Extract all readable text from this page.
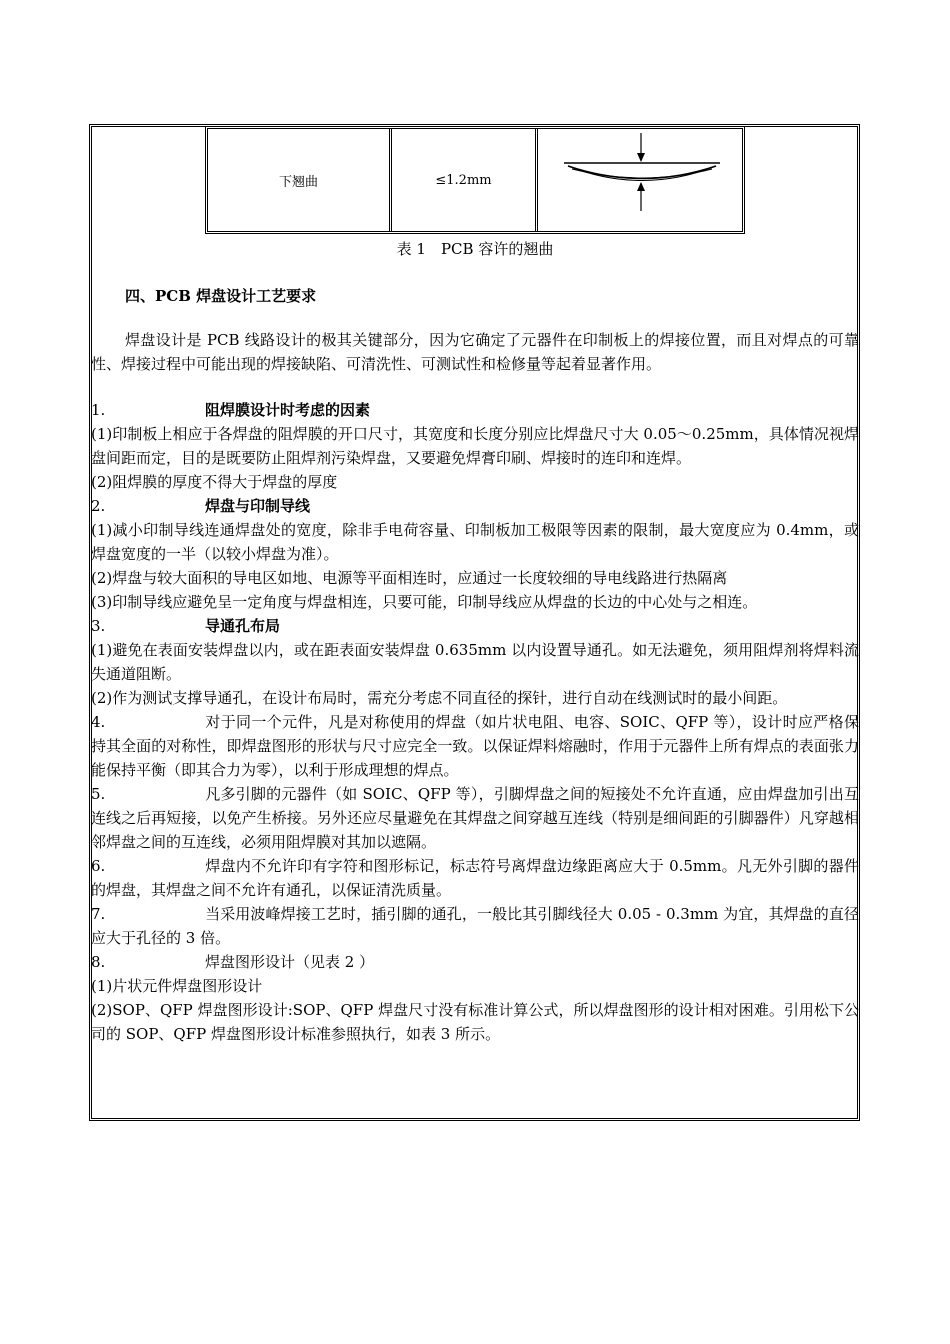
下翘曲	≤1.2mm
表 1　PCB 容许的翘曲
四、PCB 焊盘设计工艺要求
焊盘设计是 PCB 线路设计的极其关键部分，因为它确定了元器件在印制板上的焊接位置，而且对焊点的可靠性、焊接过程中可能出现的焊接缺陷、可清洗性、可测试性和检修量等起着显著作用。
1.	阻焊膜设计时考虑的因素
(1)印制板上相应于各焊盘的阻焊膜的开口尺寸，其宽度和长度分别应比焊盘尺寸大 0.05～0.25mm，具体情况视焊盘间距而定，目的是既要防止阻焊剂污染焊盘，又要避免焊膏印刷、焊接时的连印和连焊。
(2)阻焊膜的厚度不得大于焊盘的厚度
2.	焊盘与印制导线
(1)减小印制导线连通焊盘处的宽度，除非手电荷容量、印制板加工极限等因素的限制，最大宽度应为 0.4mm，或焊盘宽度的一半（以较小焊盘为准）。
(2)焊盘与较大面积的导电区如地、电源等平面相连时，应通过一长度较细的导电线路进行热隔离
(3)印制导线应避免呈一定角度与焊盘相连，只要可能，印制导线应从焊盘的长边的中心处与之相连。
3.	导通孔布局
(1)避免在表面安装焊盘以内，或在距表面安装焊盘 0.635mm 以内设置导通孔。如无法避免，须用阻焊剂将焊料流失通道阻断。
(2)作为测试支撑导通孔，在设计布局时，需充分考虑不同直径的探针，进行自动在线测试时的最小间距。
4.	对于同一个元件，凡是对称使用的焊盘（如片状电阻、电容、SOIC、QFP 等），设计时应严格保持其全面的对称性，即焊盘图形的形状与尺寸应完全一致。以保证焊料熔融时，作用于元器件上所有焊点的表面张力能保持平衡（即其合力为零），以利于形成理想的焊点。
5.	凡多引脚的元器件（如 SOIC、QFP 等），引脚焊盘之间的短接处不允许直通，应由焊盘加引出互连线之后再短接，以免产生桥接。另外还应尽量避免在其焊盘之间穿越互连线（特别是细间距的引脚器件）凡穿越相邻焊盘之间的互连线，必须用阻焊膜对其加以遮隔。
6.	焊盘内不允许印有字符和图形标记，标志符号离焊盘边缘距离应大于 0.5mm。凡无外引脚的器件的焊盘，其焊盘之间不允许有通孔，以保证清洗质量。
7.	当采用波峰焊接工艺时，插引脚的通孔，一般比其引脚线径大 0.05 - 0.3mm 为宜，其焊盘的直径应大于孔径的 3 倍。
8.	焊盘图形设计（见表 2 ）
(1)片状元件焊盘图形设计
(2)SOP、QFP 焊盘图形设计:SOP、QFP 焊盘尺寸没有标准计算公式，所以焊盘图形的设计相对困难。引用松下公司的 SOP、QFP 焊盘图形设计标准参照执行，如表 3 所示。
